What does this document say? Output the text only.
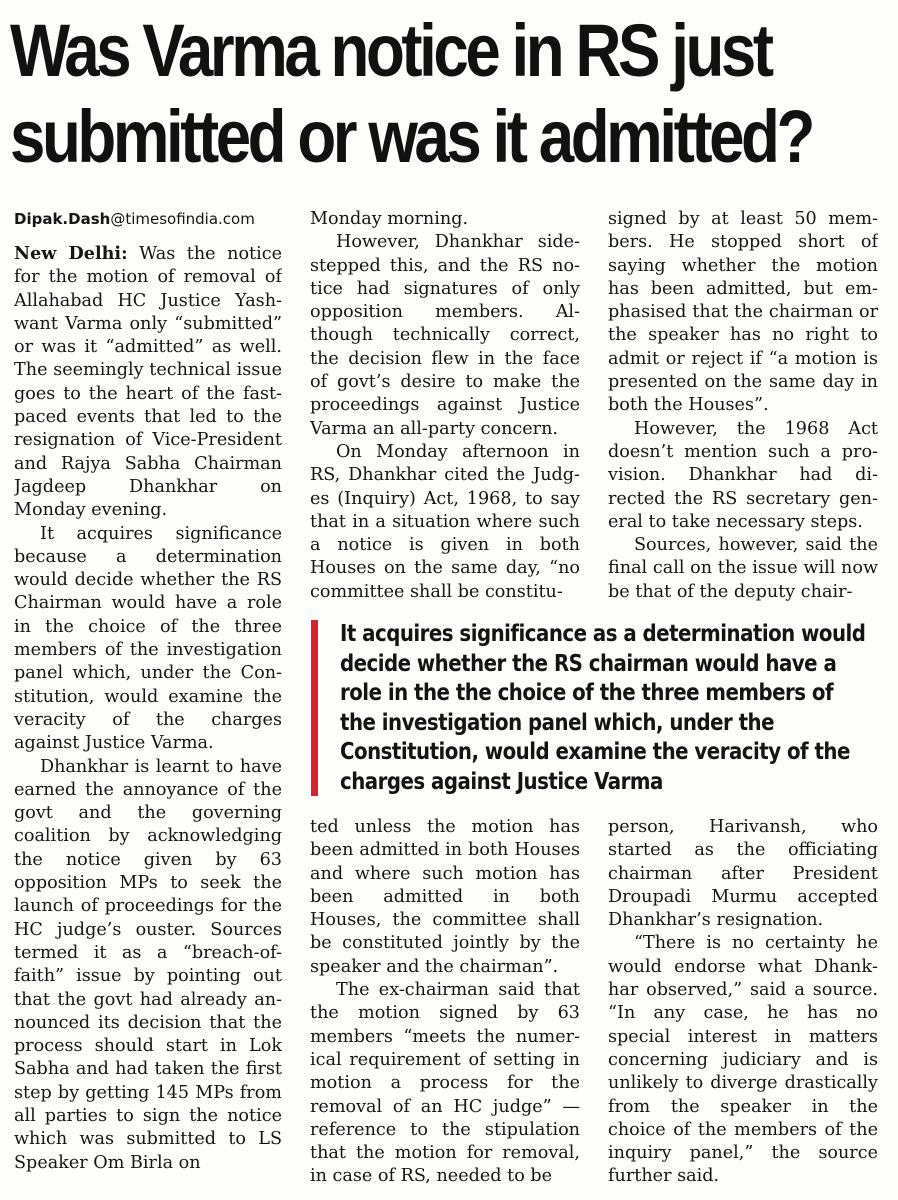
Was Varma notice in RS just
submitted or was it admitted?
Dipak.Dash@timesofindia.com

New Delhi: Was the notice for the motion of removal of Allahabad HC Justice Yashwant Varma only “submitted” or was it “admitted” as well. The seemingly technical issue goes to the heart of the fast-paced events that led to the resignation of Vice-President and Rajya Sabha Chairman Jagdeep Dhankhar on Monday evening.

It acquires significance because a determination would decide whether the RS Chairman would have a role in the choice of the three members of the investigation panel which, under the Constitution, would examine the veracity of the charges against Justice Varma.

Dhankhar is learnt to have earned the annoyance of the govt and the governing coalition by acknowledging the notice given by 63 opposition MPs to seek the launch of proceedings for the HC judge’s ouster. Sources termed it as a “breach-of-faith” issue by pointing out that the govt had already announced its decision that the process should start in Lok Sabha and had taken the first step by getting 145 MPs from all parties to sign the notice which was submitted to LS Speaker Om Birla on

Monday morning.

However, Dhankhar sidestepped this, and the RS notice had signatures of only opposition members. Although technically correct, the decision flew in the face of govt’s desire to make the proceedings against Justice Varma an all-party concern.

On Monday afternoon in RS, Dhankhar cited the Judges (Inquiry) Act, 1968, to say that in a situation where such a notice is given in both Houses on the same day, “no committee shall be constitu-

signed by at least 50 members. He stopped short of saying whether the motion has been admitted, but emphasised that the chairman or the speaker has no right to admit or reject if “a motion is presented on the same day in both the Houses”.

However, the 1968 Act doesn’t mention such a provision. Dhankhar had directed the RS secretary general to take necessary steps.

Sources, however, said the final call on the issue will now be that of the deputy chair-

It acquires significance as a determination would decide whether the RS chairman would have a role in the the choice of the three members of the investigation panel which, under the Constitution, would examine the veracity of the charges against Justice Varma

ted unless the motion has been admitted in both Houses and where such motion has been admitted in both Houses, the committee shall be constituted jointly by the speaker and the chairman”.

The ex-chairman said that the motion signed by 63 members “meets the numerical requirement of setting in motion a process for the removal of an HC judge” — reference to the stipulation that the motion for removal, in case of RS, needed to be

person, Harivansh, who started as the officiating chairman after President Droupadi Murmu accepted Dhankhar’s resignation.

“There is no certainty he would endorse what Dhankhar observed,” said a source. “In any case, he has no special interest in matters concerning judiciary and is unlikely to diverge drastically from the speaker in the choice of the members of the inquiry panel,” the source further said.
